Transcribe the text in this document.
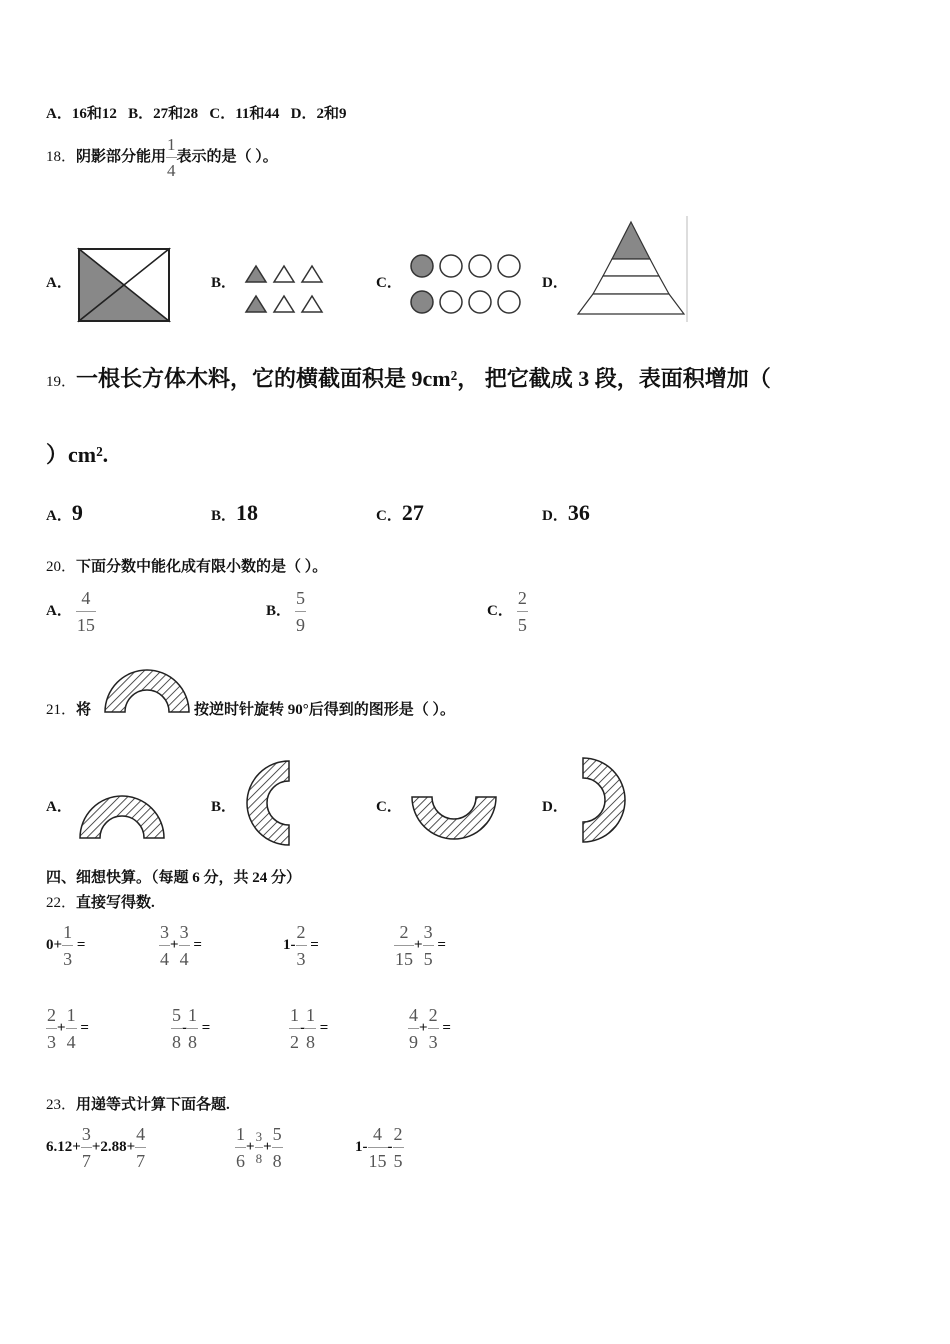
A．16和12 B．27和28 C．11和44 D．2和9
18．阴影部分能用 $\frac{1}{4}$ 表示的是（ ）。
A．	B．	C．	D．
19．一根长方体木料，它的横截面积是 9cm²， 把它截成 3 段，表面积增加（
）cm².
A．9	B．18	C．27	D．36
20．下面分数中能化成有限小数的是（ ）。
A． $\frac{4}{15}$	B． $\frac{5}{9}$	C． $\frac{2}{5}$
21．将	按逆时针旋转 90°后得到的图形是（ ）。
A．	B．	C．	D．
四、细想快算。（每题 6 分，共 24 分）
22．直接写得数.
$0+ \frac{1}{3}$ =	$\frac{3}{4} + \frac{3}{4}$ =	$1- \frac{2}{3}$ =	$\frac{2}{15} + \frac{3}{5}$ =
$\frac{2}{3} + \frac{1}{4}$ =	$\frac{5}{8} - \frac{1}{8}$ =	$\frac{1}{2} - \frac{1}{8}$ =	$\frac{4}{9} + \frac{2}{3}$ =
23．用递等式计算下面各题.
$6.12+ \frac{3}{7} +2.88+ \frac{4}{7}$	$\frac{1}{6} + \frac{3}{8} + \frac{5}{8}$	$1- \frac{4}{15} - \frac{2}{5}$
